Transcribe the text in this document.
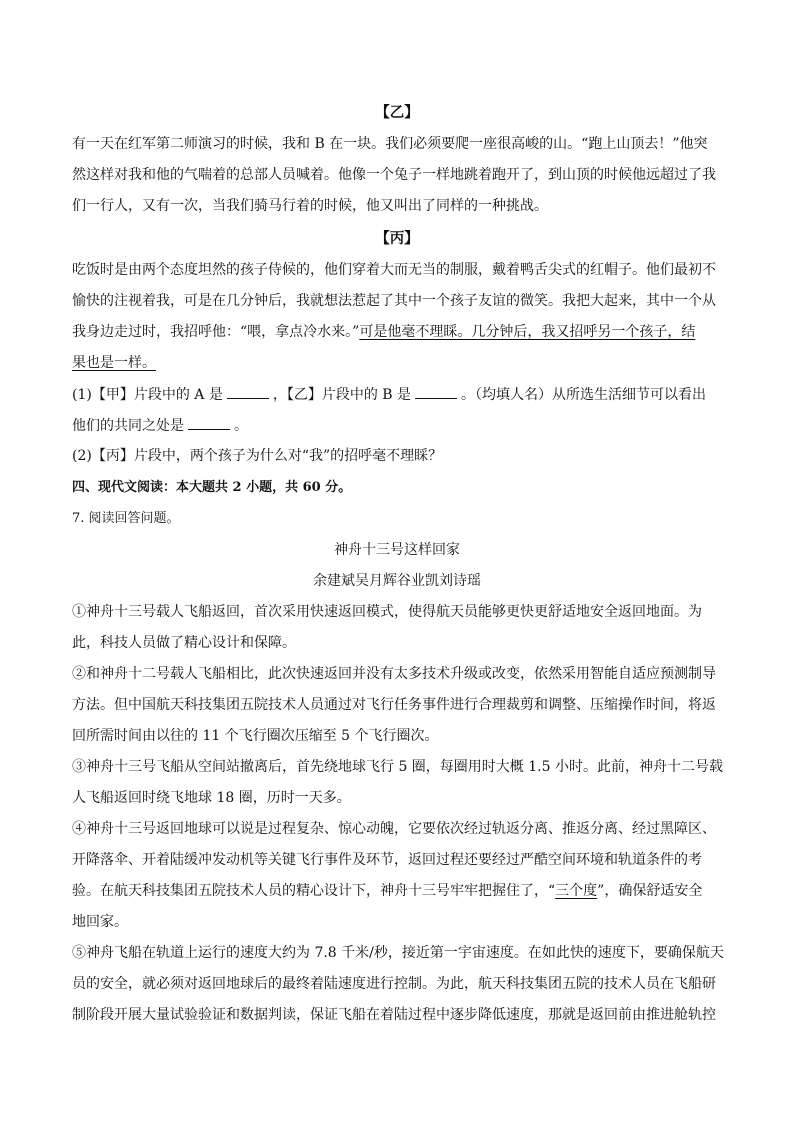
【乙】
有一天在红军第二师演习的时候，我和 B 在一块。我们必须要爬一座很高峻的山。“跑上山顶去！”他突
然这样对我和他的气喘着的总部人员喊着。他像一个兔子一样地跳着跑开了，到山顶的时候他远超过了我
们一行人，又有一次，当我们骑马行着的时候，他又叫出了同样的一种挑战。
【丙】
吃饭时是由两个态度坦然的孩子侍候的，他们穿着大而无当的制服，戴着鸭舌尖式的红帽子。他们最初不
愉快的注视着我，可是在几分钟后，我就想法惹起了其中一个孩子友谊的微笑。我把大起来，其中一个从
我身边走过时，我招呼他：“喂，拿点冷水来。”可是他毫不理睬。几分钟后，我又招呼另一个孩子，结
果也是一样。
(1)【甲】片段中的 A 是	，【乙】片段中的 B 是	。（均填人名）从所选生活细节可以看出
他们的共同之处是	。
(2)【丙】片段中，两个孩子为什么对“我”的招呼毫不理睬？
四、现代文阅读：本大题共 2 小题，共 60 分。
7. 阅读回答问题。
神舟十三号这样回家
余建斌吴月辉谷业凯刘诗瑶
①神舟十三号载人飞船返回，首次采用快速返回模式，使得航天员能够更快更舒适地安全返回地面。为
此，科技人员做了精心设计和保障。
②和神舟十二号载人飞船相比，此次快速返回并没有太多技术升级或改变，依然采用智能自适应预测制导
方法。但中国航天科技集团五院技术人员通过对飞行任务事件进行合理裁剪和调整、压缩操作时间，将返
回所需时间由以往的 11 个飞行圈次压缩至 5 个飞行圈次。
③神舟十三号飞船从空间站撤离后，首先绕地球飞行 5 圈，每圈用时大概 1.5 小时。此前，神舟十二号载
人飞船返回时绕飞地球 18 圈，历时一天多。
④神舟十三号返回地球可以说是过程复杂、惊心动魄，它要依次经过轨返分离、推返分离、经过黑障区、
开降落伞、开着陆缓冲发动机等关键飞行事件及环节，返回过程还要经过严酷空间环境和轨道条件的考
验。在航天科技集团五院技术人员的精心设计下，神舟十三号牢牢把握住了，“三个度”，确保舒适安全
地回家。
⑤神舟飞船在轨道上运行的速度大约为 7.8 千米/秒，接近第一宇宙速度。在如此快的速度下，要确保航天
员的安全，就必须对返回地球后的最终着陆速度进行控制。为此，航天科技集团五院的技术人员在飞船研
制阶段开展大量试验验证和数据判读，保证飞船在着陆过程中逐步降低速度，那就是返回前由推进舱轨控
